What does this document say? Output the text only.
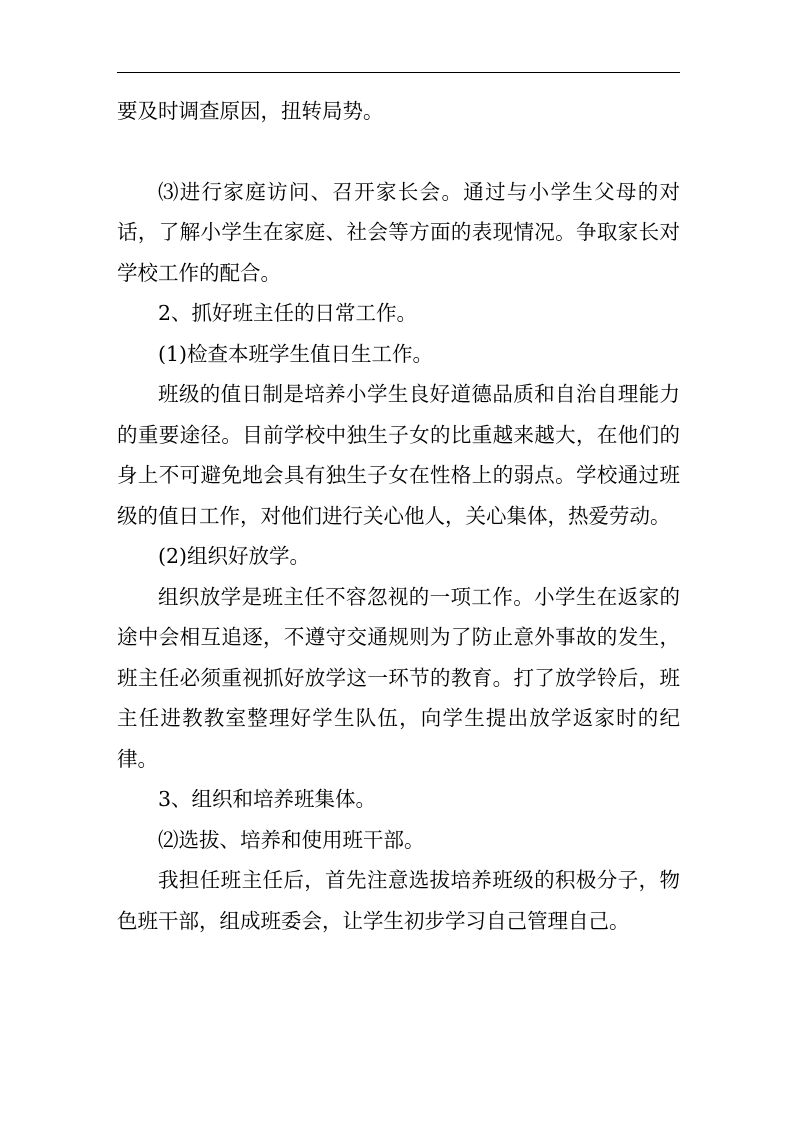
要及时调查原因，扭转局势。

⑶进行家庭访问、召开家长会。通过与小学生父母的对话，了解小学生在家庭、社会等方面的表现情况。争取家长对学校工作的配合。

2、抓好班主任的日常工作。

(1)检查本班学生值日生工作。

班级的值日制是培养小学生良好道德品质和自治自理能力的重要途径。目前学校中独生子女的比重越来越大，在他们的身上不可避免地会具有独生子女在性格上的弱点。学校通过班级的值日工作，对他们进行关心他人，关心集体，热爱劳动。

(2)组织好放学。

组织放学是班主任不容忽视的一项工作。小学生在返家的途中会相互追逐，不遵守交通规则为了防止意外事故的发生，班主任必须重视抓好放学这一环节的教育。打了放学铃后，班主任进教教室整理好学生队伍，向学生提出放学返家时的纪律。

3、组织和培养班集体。

⑵选拔、培养和使用班干部。

我担任班主任后，首先注意选拔培养班级的积极分子，物色班干部，组成班委会，让学生初步学习自己管理自己。
